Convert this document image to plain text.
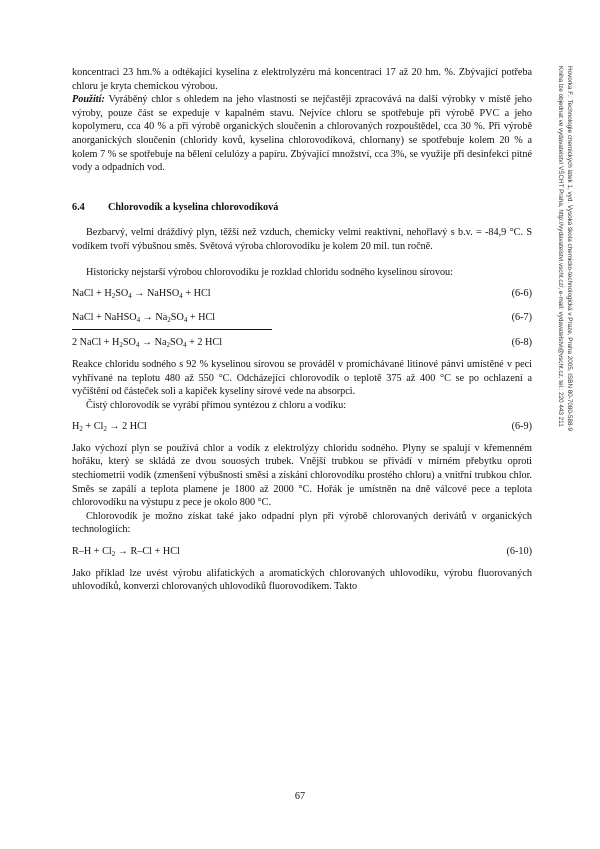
Hovorka F.: Technologie chemických látek 1, vyd. Vysoká škola chemicko-technologická v Praze, Praha 2005, ISBN 80-7080-588-9
Kniha lze objednat ve vydavatelství VŠCHT Praha, http://vydavatelstvi.vscht.cz/, e-mail: vydavatelstvi@vscht.cz, tel.: 220 443 211

koncentraci 23 hm.% a odtékající kyselina z elektrolyzéru má koncentraci 17 až 20 hm. %. Zbývající potřeba chloru je kryta chemickou výrobou.

Použití: Vyráběný chlor s ohledem na jeho vlastnosti se nejčastěji zpracovává na další výrobky v místě jeho výroby, pouze část se expeduje v kapalném stavu. Nejvíce chloru se spotřebuje při výrobě PVC a jeho kopolymeru, cca 40 % a při výrobě organických sloučenin a chlorovaných rozpouštědel, cca 30 %. Při výrobě anorganických sloučenin (chloridy kovů, kyselina chlorovodíková, chlornany) se spotřebuje kolem 20 % a kolem 7 % se spotřebuje na bělení celulózy a papíru. Zbývající množství, cca 3%, se využije při desinfekci pitné vody a odpadních vod.

6.4	Chlorovodík a kyselina chlorovodíková

Bezbarvý, velmi dráždivý plyn, těžší než vzduch, chemicky velmi reaktivní, nehořlavý s b.v. = -84,9 °C. S vodíkem tvoří výbušnou směs. Světová výroba chlorovodíku je kolem 20 mil. tun ročně.

Historicky nejstarší výrobou chlorovodíku je rozklad chloridu sodného kyselinou sírovou:

NaCl + $H_2SO_4$ → NaHSO$_4$ + HCl	(6-6)
NaCl + NaHSO$_4$ → $Na_2SO_4$ + HCl	(6-7)
2 NaCl + $H_2SO_4 \to Na_2SO_4 + 2$ HCl	(6-8)

Reakce chloridu sodného s 92 % kyselinou sírovou se prováděl v promíchávané litinové pánvi umístěné v peci vyhřívané na teplotu 480 až 550 °C. Odcházející chlorovodík o teplotě 375 až 400 °C se po ochlazení a vyčištění od částeček soli a kapiček kyseliny sírové vede na absorpci.

Čistý chlorovodík se vyrábí přímou syntézou z chloru a vodíku:

$H_2 + Cl_2 \to 2$ HCl	(6-9)

Jako výchozí plyn se používá chlor a vodík z elektrolýzy chloridu sodného. Plyny se spalují v křemenném hořáku, který se skládá ze dvou souosých trubek. Vnější trubkou se přivádí v mírném přebytku oproti stechiometrii vodík (zmenšení výbušnosti směsi a získání chlorovodíku prostého chloru) a vnitřní trubkou chlor. Směs se zapálí a teplota plamene je 1800 až 2000 °C. Hořák je umístněn na dně válcové pece a teplota chlorovodíku na výstupu z pece je okolo 800 °C.

Chlorovodík je možno získat také jako odpadní plyn při výrobě chlorovaných derivátů v organických technologiích:

$R-H + Cl_2 \to R-Cl$ + HCl	(6-10)

Jako příklad lze uvést výrobu alifatických a aromatických chlorovaných uhlovodíku, výrobu fluorovaných uhlovodíků, konverzi chlorovaných uhlovodíků fluorovodíkem. Takto

67
